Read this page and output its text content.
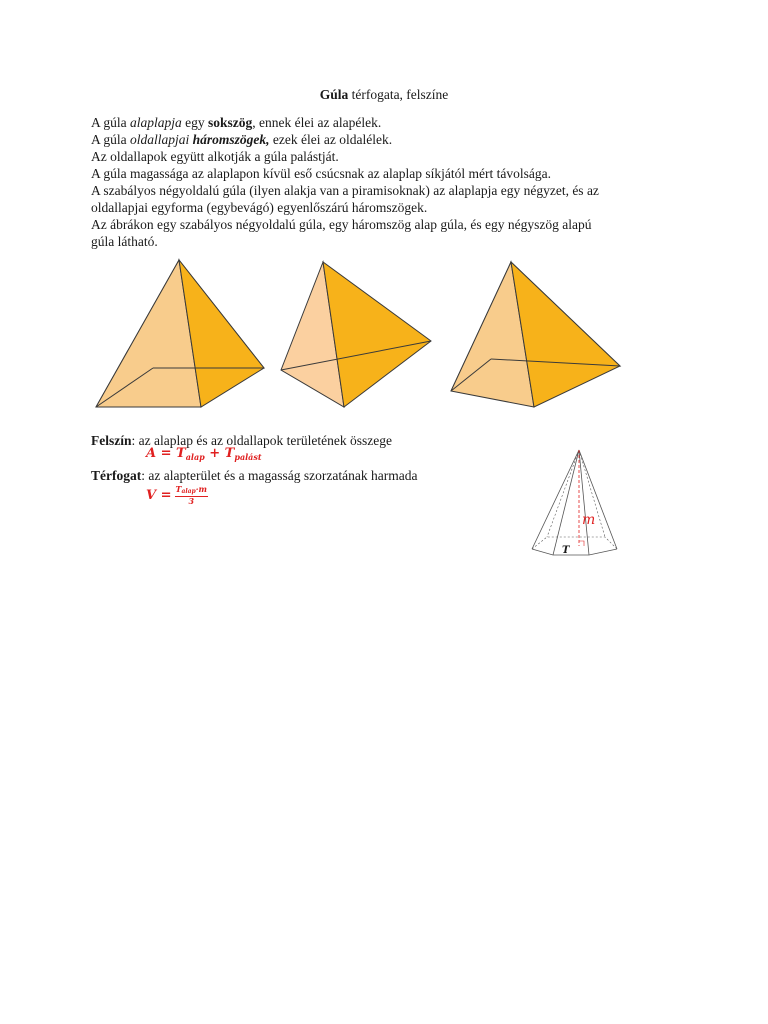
Gúla térfogata, felszíne
A gúla alaplapja egy sokszög, ennek élei az alapélek.
A gúla oldallapjai háromszögek, ezek élei az oldalélek.
Az oldallapok együtt alkotják a gúla palástját.
A gúla magassága az alaplapon kívül eső csúcsnak az alaplap síkjától mért távolsága.
A szabályos négyoldalú gúla (ilyen alakja van a piramisoknak) az alaplapja egy négyzet, és az
oldallapjai egyforma (egybevágó) egyenlőszárú háromszögek.
Az ábrákon egy szabályos négyoldalú gúla, egy háromszög alap gúla, és egy négyszög alapú
gúla látható.
Felszín: az alaplap és az oldallapok területének összege
$A = T_{alap} + T_{palást}$
Térfogat: az alapterület és a magasság szorzatának harmada
$V = \frac{T_{alap}\cdot m}{3}$
m
T
